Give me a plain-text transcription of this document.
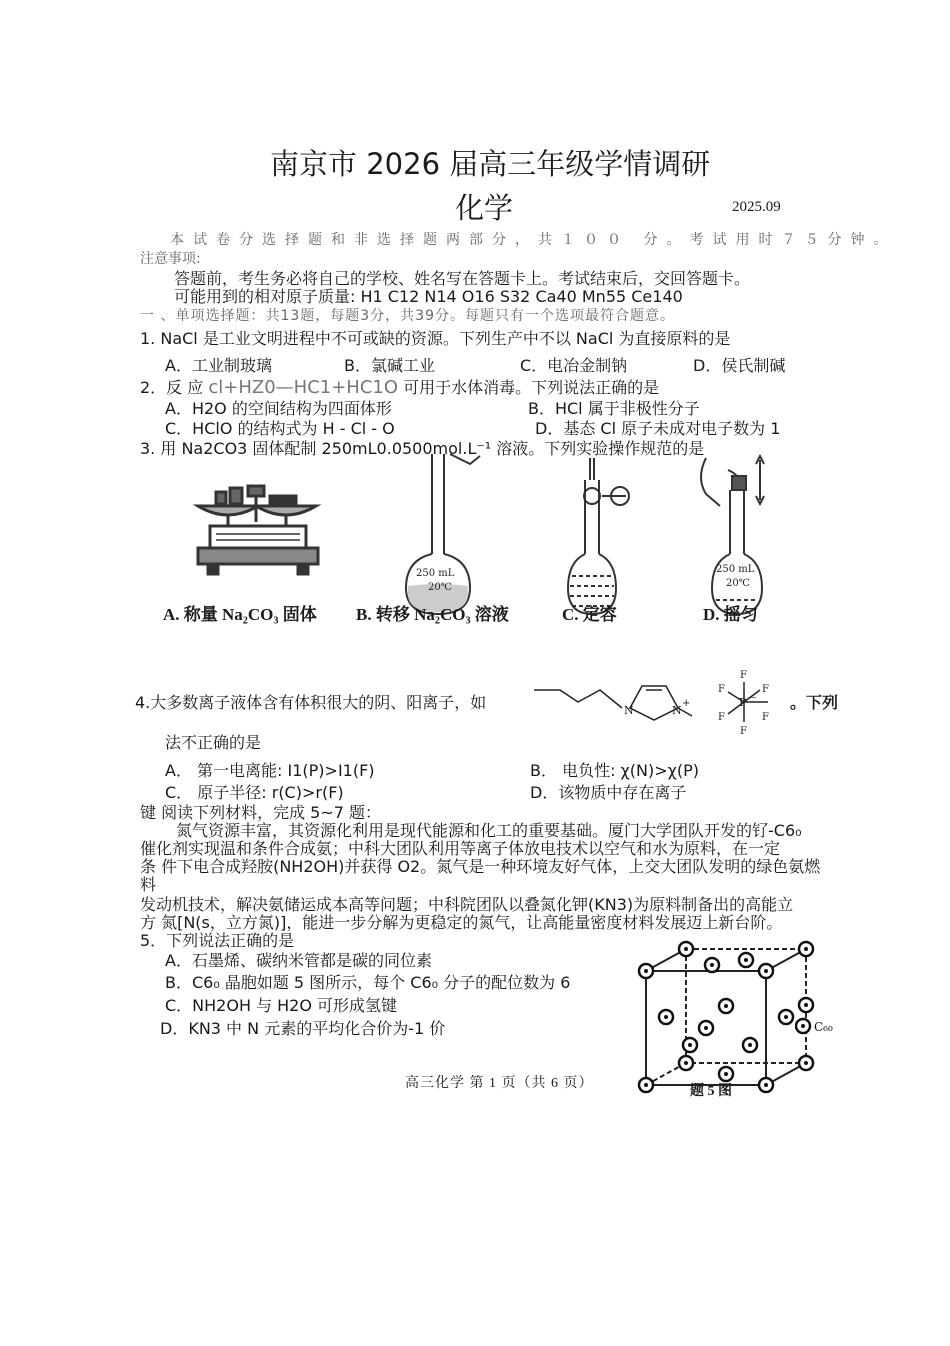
南京市 2026 届高三年级学情调研
化学	2025.09
本试卷分选择题和非选择题两部分，共１００ 分。考试用时７５分钟。
注意事项:
答题前，考生务必将自己的学校、姓名写在答题卡上。考试结束后，交回答题卡。
可能用到的相对原子质量: H1 C12 N14 O16 S32 Ca40 Mn55 Ce140
一 、单项选择题：共13题，每题3分，共39分。每题只有一个选项最符合题意。
1. NaCl 是工业文明进程中不可或缺的资源。下列生产中不以 NaCl 为直接原料的是
A．工业制玻璃	B．氯碱工业	C．电冶金制钠	D．侯氏制碱
2．反 应 cl+HZ0—HC1+HC1O 可用于水体消毒。下列说法正确的是
A．H2O 的空间结构为四面体形	B．HCl 属于非极性分子
C．HClO 的结构式为 H - Cl - O	D．基态 Cl 原子未成对电子数为 1
3. 用 Na2CO3 固体配制 250mL0.0500mol.L⁻¹ 溶液。下列实验操作规范的是
250 mL
20℃
250 mL
20℃
A. 称量 Na₂CO₃ 固体 B. 转移 Na₂CO₃ 溶液	C. 定容	D. 摇匀
4.大多数离子液体含有体积很大的阴、阳离子，如	N	N
+	P −
F
F
F
F
F
F
。下列
法不正确的是
A． 第一电离能: I1(P)>I1(F)	B． 电负性: χ(N)>χ(P)
C． 原子半径: r(C)>r(F)	D．该物质中存在离子
键 阅读下列材料，完成 5~7 题：
氮气资源丰富，其资源化利用是现代能源和化工的重要基础。厦门大学团队开发的钌-C6₀
催化剂实现温和条件合成氨；中科大团队利用等离子体放电技术以空气和水为原料，在一定
条 件下电合成羟胺(NH2OH)并获得 O2。氮气是一种环境友好气体，上交大团队发明的绿色氨燃
料
发动机技术，解决氨储运成本高等问题；中科院团队以叠氮化钾(KN3)为原料制备出的高能立
方 氮[N(s，立方氮)]，能进一步分解为更稳定的氮气，让高能量密度材料发展迈上新台阶。
5．下列说法正确的是
A．石墨烯、碳纳米管都是碳的同位素
B．C6₀ 晶胞如题 5 图所示，每个 C6₀ 分子的配位数为 6
C．NH2OH 与 H2O 可形成氢键
D．KN3 中 N 元素的平均化合价为-1 价	C₆₀
题 5 图
高三化学 第 1 页（共 6 页）
